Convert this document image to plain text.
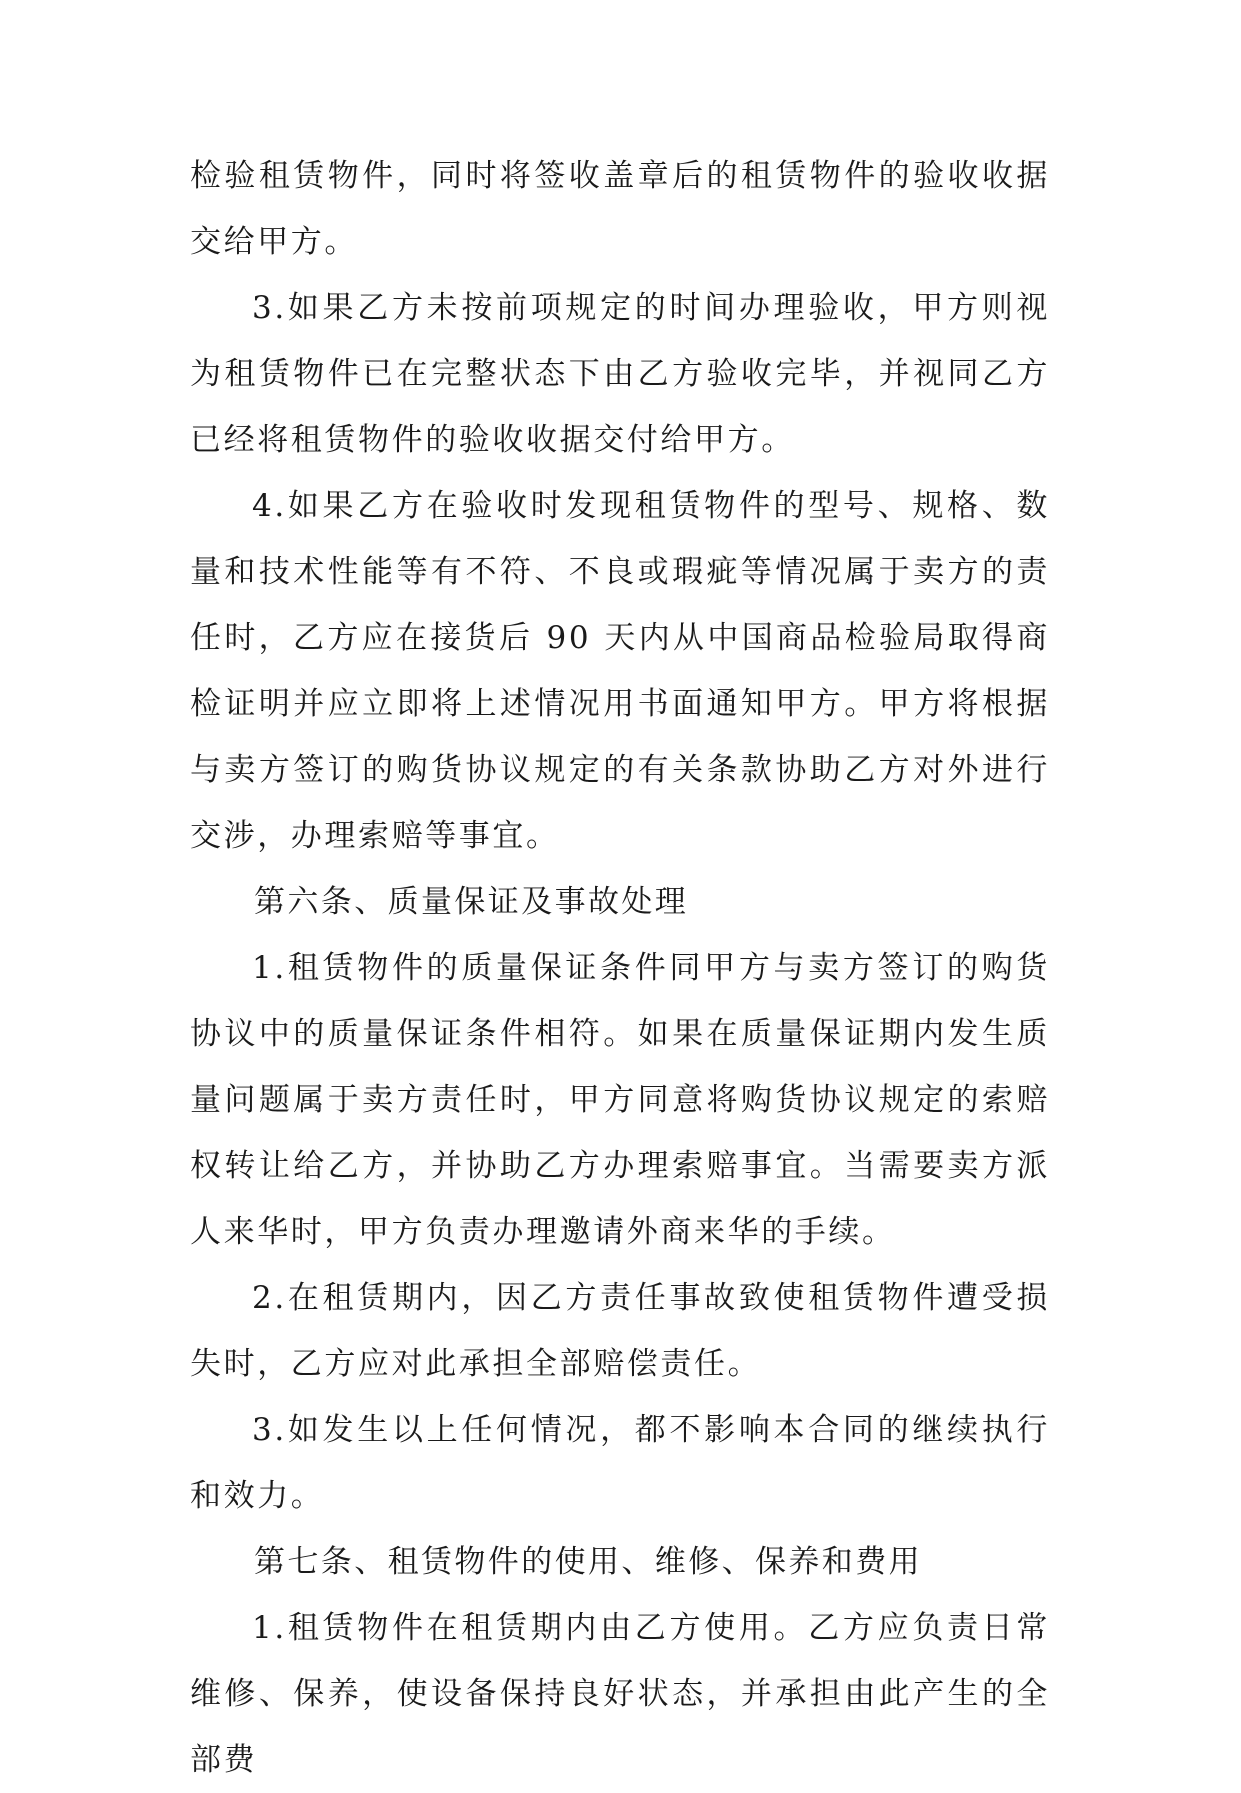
检验租赁物件，同时将签收盖章后的租赁物件的验收收据交给甲方。

3.如果乙方未按前项规定的时间办理验收，甲方则视为租赁物件已在完整状态下由乙方验收完毕，并视同乙方已经将租赁物件的验收收据交付给甲方。

4.如果乙方在验收时发现租赁物件的型号、规格、数量和技术性能等有不符、不良或瑕疵等情况属于卖方的责任时，乙方应在接货后 90 天内从中国商品检验局取得商检证明并应立即将上述情况用书面通知甲方。甲方将根据与卖方签订的购货协议规定的有关条款协助乙方对外进行交涉，办理索赔等事宜。

第六条、质量保证及事故处理

1.租赁物件的质量保证条件同甲方与卖方签订的购货协议中的质量保证条件相符。如果在质量保证期内发生质量问题属于卖方责任时，甲方同意将购货协议规定的索赔权转让给乙方，并协助乙方办理索赔事宜。当需要卖方派人来华时，甲方负责办理邀请外商来华的手续。

2.在租赁期内，因乙方责任事故致使租赁物件遭受损失时，乙方应对此承担全部赔偿责任。

3.如发生以上任何情况，都不影响本合同的继续执行和效力。

第七条、租赁物件的使用、维修、保养和费用

1.租赁物件在租赁期内由乙方使用。乙方应负责日常维修、保养，使设备保持良好状态，并承担由此产生的全部费
